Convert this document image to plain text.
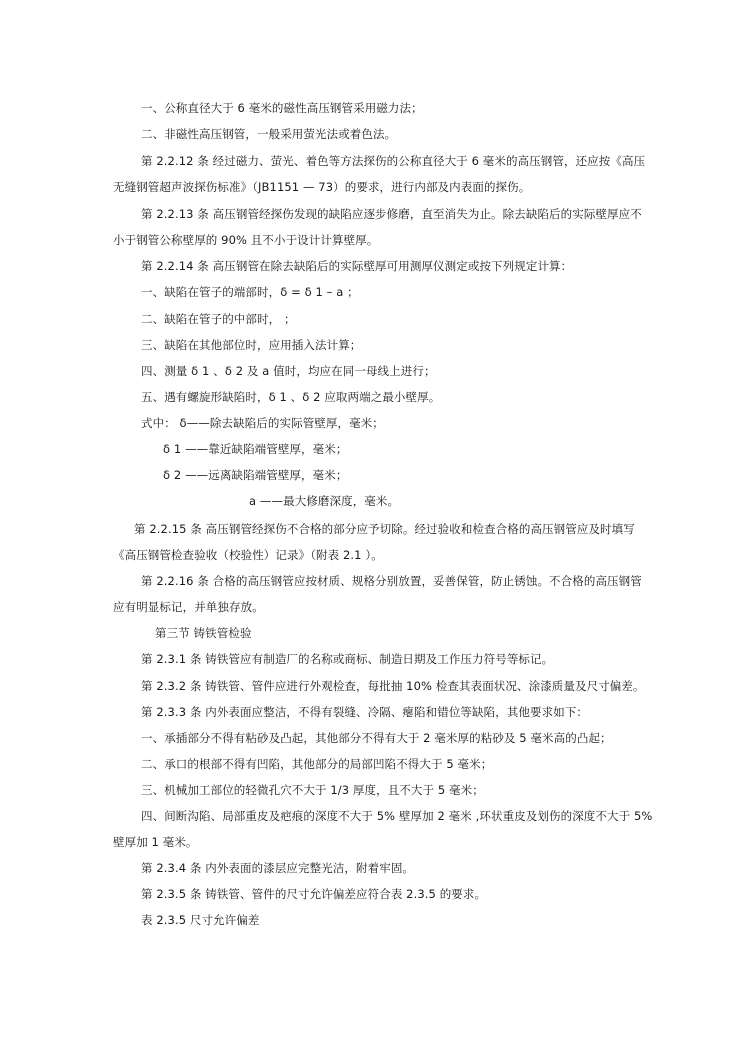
一、公称直径大于 6 毫米的磁性高压钢管采用磁力法；
二、非磁性高压钢管，一般采用萤光法或着色法。
第 2.2.12 条 经过磁力、萤光、着色等方法探伤的公称直径大于 6 毫米的高压钢管，还应按《高压
无缝钢管超声波探伤标准》（JB1151 — 73）的要求，进行内部及内表面的探伤。
第 2.2.13 条 高压钢管经探伤发现的缺陷应逐步修磨，直至消失为止。除去缺陷后的实际壁厚应不
小于钢管公称壁厚的 90% 且不小于设计计算壁厚。
第 2.2.14 条 高压钢管在除去缺陷后的实际壁厚可用测厚仪测定或按下列规定计算：
一、缺陷在管子的端部时，δ = δ 1 – a ；
二、缺陷在管子的中部时， ；
三、缺陷在其他部位时，应用插入法计算；
四、测量 δ 1 、δ 2 及 a 值时，均应在同一母线上进行；
五、遇有螺旋形缺陷时，δ 1 、δ 2 应取两端之最小壁厚。
式中： δ——除去缺陷后的实际管壁厚，毫米；
δ 1 ——靠近缺陷端管壁厚，毫米；
δ 2 ——远离缺陷端管壁厚，毫米；
a ——最大修磨深度，毫米。
第 2.2.15 条 高压钢管经探伤不合格的部分应予切除。经过验收和检查合格的高压钢管应及时填写
《高压钢管检查验收（校验性）记录》（附表 2.1 ）。
第 2.2.16 条 合格的高压钢管应按材质、规格分别放置，妥善保管，防止锈蚀。不合格的高压钢管
应有明显标记，并单独存放。
第三节 铸铁管检验
第 2.3.1 条 铸铁管应有制造厂的名称或商标、制造日期及工作压力符号等标记。
第 2.3.2 条 铸铁管、管件应进行外观检查，每批抽 10% 检查其表面状况、涂漆质量及尺寸偏差。
第 2.3.3 条 内外表面应整洁，不得有裂缝、冷隔、瘪陷和错位等缺陷，其他要求如下：
一、承插部分不得有粘砂及凸起，其他部分不得有大于 2 毫米厚的粘砂及 5 毫米高的凸起；
二、承口的根部不得有凹陷，其他部分的局部凹陷不得大于 5 毫米；
三、机械加工部位的轻微孔穴不大于 1/3 厚度，且不大于 5 毫米；
四、间断沟陷、局部重皮及疤痕的深度不大于 5% 壁厚加 2 毫米 ,环状重皮及划伤的深度不大于 5%
壁厚加 1 毫米。
第 2.3.4 条 内外表面的漆层应完整光洁，附着牢固。
第 2.3.5 条 铸铁管、管件的尺寸允许偏差应符合表 2.3.5 的要求。
表 2.3.5 尺寸允许偏差
